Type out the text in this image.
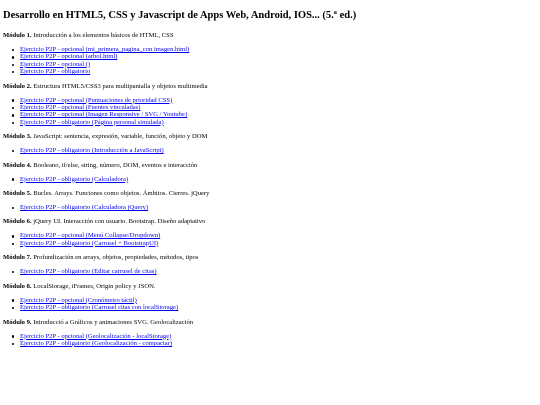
Desarrollo en HTML5, CSS y Javascript de Apps Web, Android, IOS... (5.ª ed.)

Módulo 1. Introducción a los elementos básicos de HTML, CSS

Ejercicio P2P - opcional (mi_primera_pagina_con imagen.html)
Ejercicio P2P - opcional (arbol.html)
Ejercicio P2P - opcional ()
Ejercicio P2P - obligatorio

Módulo 2. Estructura HTML5/CSS3 para multipantalla y objetos multimedia

Ejercicio P2P - opcional (Puntuaciones de prioridad CSS)
Ejercicio P2P - opcional (Fuentes vinculadas)
Ejercicio P2P - opcional (Imagen Responsive / SVG / Youtube)
Ejercicio P2P - obligatorio (Página personal simulada)

Módulo 3. JavaScript: sentencia, expresión, variable, función, objeto y DOM

Ejercicio P2P - obligatorio (Introducción a JavaScript)

Módulo 4. Booleano, if/else, string, número, DOM, eventos e interacción

Ejercicio P2P - obligatorio (Calculadora)

Módulo 5. Bucles. Arrays. Funciones como objetos. Ámbitos. Cierres. jQuery

Ejercicio P2P - obligatorio (Calculadora jQuery)

Módulo 6. jQuery UI. Interacción con usuario. Bootstrap. Diseño adaptativo

Ejercicio P2P - opcional (Menú Collapse/Dropdown)
Ejercicio P2P - obligatorio (Carrusel + BootstrapUI)

Módulo 7. Profundización en arrays, objetos, propiedades, métodos, tipos

Ejercicio P2P - obligatorio (Editar carrusel de citas)

Módulo 8. LocalStorage, iFrames, Origin policy y JSON.

Ejercicio P2P - opcional (Cronómetro táctil)
Ejercicio P2P - obligatorio (Carrusel citas con localStorage)

Módulo 9. Introducció a Gráficos y animaciones SVG. Geolocalización

Ejercicio P2P - opcional (Geolocalización - localStorage)
Ejercicio P2P - obligatorio (Geolocalización - compactar)
